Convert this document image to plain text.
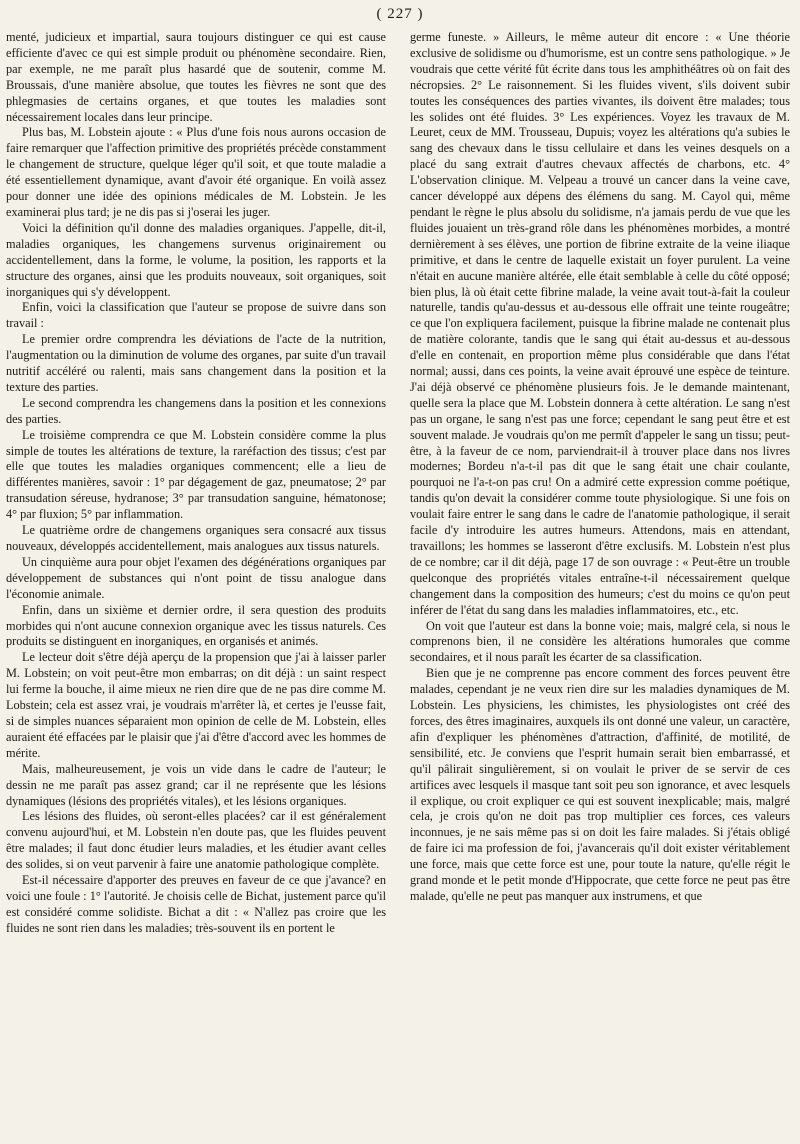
( 227 )

menté, judicieux et impartial, saura toujours distinguer ce qui est cause efficiente d'avec ce qui est simple produit ou phénomène secondaire. Rien, par exemple, ne me paraît plus hasardé que de soutenir, comme M. Broussais, d'une manière absolue, que toutes les fièvres ne sont que des phlegmasies de certains organes, et que toutes les maladies sont nécessairement locales dans leur principe.

Plus bas, M. Lobstein ajoute : « Plus d'une fois nous aurons occasion de faire remarquer que l'affection primitive des propriétés précède constamment le changement de structure, quelque léger qu'il soit, et que toute maladie a été essentiellement dynamique, avant d'avoir été organique. En voilà assez pour donner une idée des opinions médicales de M. Lobstein. Je les examinerai plus tard; je ne dis pas si j'oserai les juger.

Voici la définition qu'il donne des maladies organiques. J'appelle, dit-il, maladies organiques, les changemens survenus originairement ou accidentellement, dans la forme, le volume, la position, les rapports et la structure des organes, ainsi que les produits nouveaux, soit organiques, soit inorganiques qui s'y développent.

Enfin, voici la classification que l'auteur se propose de suivre dans son travail :

Le premier ordre comprendra les déviations de l'acte de la nutrition, l'augmentation ou la diminution de volume des organes, par suite d'un travail nutritif accéléré ou ralenti, mais sans changement dans la position et la texture des parties.

Le second comprendra les changemens dans la position et les connexions des parties.

Le troisième comprendra ce que M. Lobstein considère comme la plus simple de toutes les altérations de texture, la raréfaction des tissus; c'est par elle que toutes les maladies organiques commencent; elle a lieu de différentes manières, savoir : 1° par dégagement de gaz, pneumatose; 2° par transudation séreuse, hydranose; 3° par transudation sanguine, hématonose; 4° par fluxion; 5° par inflammation.

Le quatrième ordre de changemens organiques sera consacré aux tissus nouveaux, développés accidentellement, mais analogues aux tissus naturels.

Un cinquième aura pour objet l'examen des dégénérations organiques par développement de substances qui n'ont point de tissu analogue dans l'économie animale.

Enfin, dans un sixième et dernier ordre, il sera question des produits morbides qui n'ont aucune connexion organique avec les tissus naturels. Ces produits se distinguent en inorganiques, en organisés et animés.

Le lecteur doit s'être déjà aperçu de la propension que j'ai à laisser parler M. Lobstein; on voit peut-être mon embarras; on dit déjà : un saint respect lui ferme la bouche, il aime mieux ne rien dire que de ne pas dire comme M. Lobstein; cela est assez vrai, je voudrais m'arrêter là, et certes je l'eusse fait, si de simples nuances séparaient mon opinion de celle de M. Lobstein, elles auraient été effacées par le plaisir que j'ai d'être d'accord avec les hommes de mérite.

Mais, malheureusement, je vois un vide dans le cadre de l'auteur; le dessin ne me paraît pas assez grand; car il ne représente que les lésions dynamiques (lésions des propriétés vitales), et les lésions organiques.

Les lésions des fluides, où seront-elles placées? car il est généralement convenu aujourd'hui, et M. Lobstein n'en doute pas, que les fluides peuvent être malades; il faut donc étudier leurs maladies, et les étudier avant celles des solides, si on veut parvenir à faire une anatomie pathologique complète.

Est-il nécessaire d'apporter des preuves en faveur de ce que j'avance? en voici une foule : 1° l'autorité. Je choisis celle de Bichat, justement parce qu'il est considéré comme solidiste. Bichat a dit : « N'allez pas croire que les fluides ne sont rien dans les maladies; très-souvent ils en portent le

germe funeste. » Ailleurs, le même auteur dit encore : « Une théorie exclusive de solidisme ou d'humorisme, est un contre sens pathologique. » Je voudrais que cette vérité fût écrite dans tous les amphithéâtres où on fait des nécropsies. 2° Le raisonnement. Si les fluides vivent, s'ils doivent subir toutes les conséquences des parties vivantes, ils doivent être malades; tous les solides ont été fluides. 3° Les expériences. Voyez les travaux de M. Leuret, ceux de MM. Trousseau, Dupuis; voyez les altérations qu'a subies le sang des chevaux dans le tissu cellulaire et dans les veines desquels on a placé du sang extrait d'autres chevaux affectés de charbons, etc. 4° L'observation clinique. M. Velpeau a trouvé un cancer dans la veine cave, cancer développé aux dépens des élémens du sang. M. Cayol qui, même pendant le règne le plus absolu du solidisme, n'a jamais perdu de vue que les fluides jouaient un très-grand rôle dans les phénomènes morbides, a montré dernièrement à ses élèves, une portion de fibrine extraite de la veine iliaque primitive, et dans le centre de laquelle existait un foyer purulent. La veine n'était en aucune manière altérée, elle était semblable à celle du côté opposé; bien plus, là où était cette fibrine malade, la veine avait tout-à-fait la couleur naturelle, tandis qu'au-dessus et au-dessous elle offrait une teinte rougeâtre; ce que l'on expliquera facilement, puisque la fibrine malade ne contenait plus de matière colorante, tandis que le sang qui était au-dessus et au-dessous d'elle en contenait, en proportion même plus considérable que dans l'état normal; aussi, dans ces points, la veine avait éprouvé une espèce de teinture. J'ai déjà observé ce phénomène plusieurs fois. Je le demande maintenant, quelle sera la place que M. Lobstein donnera à cette altération. Le sang n'est pas un organe, le sang n'est pas une force; cependant le sang peut être et est souvent malade. Je voudrais qu'on me permît d'appeler le sang un tissu; peut-être, à la faveur de ce nom, parviendrait-il à trouver place dans nos livres modernes; Bordeu n'a-t-il pas dit que le sang était une chair coulante, pourquoi ne l'a-t-on pas cru! On a admiré cette expression comme poétique, tandis qu'on devait la considérer comme toute physiologique. Si une fois on voulait faire entrer le sang dans le cadre de l'anatomie pathologique, il serait facile d'y introduire les autres humeurs. Attendons, mais en attendant, travaillons; les hommes se lasseront d'être exclusifs. M. Lobstein n'est plus de ce nombre; car il dit déjà, page 17 de son ouvrage : « Peut-être un trouble quelconque des propriétés vitales entraîne-t-il nécessairement quelque changement dans la composition des humeurs; c'est du moins ce qu'on peut inférer de l'état du sang dans les maladies inflammatoires, etc., etc.

On voit que l'auteur est dans la bonne voie; mais, malgré cela, si nous le comprenons bien, il ne considère les altérations humorales que comme secondaires, et il nous paraît les écarter de sa classification.

Bien que je ne comprenne pas encore comment des forces peuvent être malades, cependant je ne veux rien dire sur les maladies dynamiques de M. Lobstein. Les physiciens, les chimistes, les physiologistes ont créé des forces, des êtres imaginaires, auxquels ils ont donné une valeur, un caractère, afin d'expliquer les phénomènes d'attraction, d'affinité, de motilité, de sensibilité, etc. Je conviens que l'esprit humain serait bien embarrassé, et qu'il pâlirait singulièrement, si on voulait le priver de se servir de ces artifices avec lesquels il masque tant soit peu son ignorance, et avec lesquels il explique, ou croit expliquer ce qui est souvent inexplicable; mais, malgré cela, je crois qu'on ne doit pas trop multiplier ces forces, ces valeurs inconnues, je ne sais même pas si on doit les faire malades. Si j'étais obligé de faire ici ma profession de foi, j'avancerais qu'il doit exister véritablement une force, mais que cette force est une, pour toute la nature, qu'elle régit le grand monde et le petit monde d'Hippocrate, que cette force ne peut pas être malade, qu'elle ne peut pas manquer aux instrumens, et que
